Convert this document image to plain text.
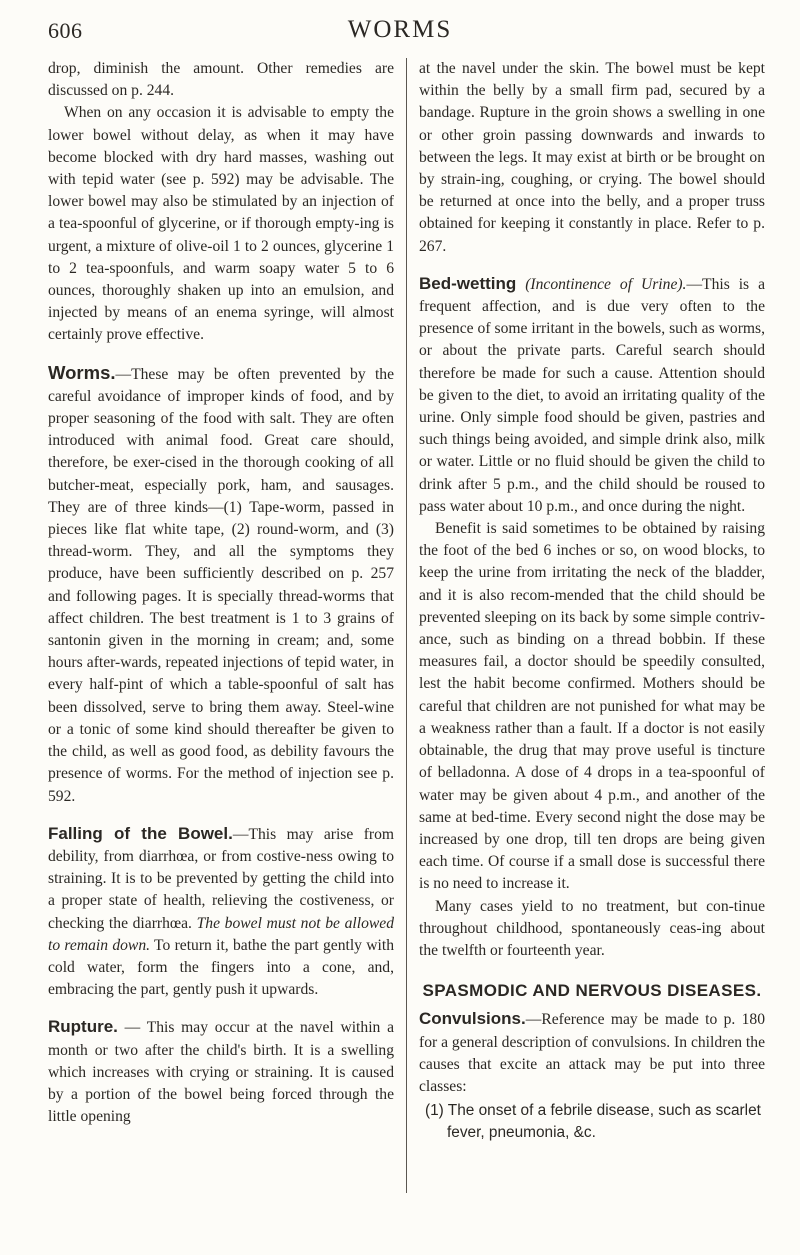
606	WORMS

drop, diminish the amount. Other remedies are discussed on p. 244.

When on any occasion it is advisable to empty the lower bowel without delay, as when it may have become blocked with dry hard masses, washing out with tepid water (see p. 592) may be advisable. The lower bowel may also be stimulated by an injection of a tea-spoonful of glycerine, or if thorough empty-ing is urgent, a mixture of olive-oil 1 to 2 ounces, glycerine 1 to 2 tea-spoonfuls, and warm soapy water 5 to 6 ounces, thoroughly shaken up into an emulsion, and injected by means of an enema syringe, will almost certainly prove effective.

Worms.—These may be often prevented by the careful avoidance of improper kinds of food, and by proper seasoning of the food with salt. They are often introduced with animal food. Great care should, therefore, be exer-cised in the thorough cooking of all butcher-meat, especially pork, ham, and sausages. They are of three kinds—(1) Tape-worm, passed in pieces like flat white tape, (2) round-worm, and (3) thread-worm. They, and all the symptoms they produce, have been sufficiently described on p. 257 and following pages. It is specially thread-worms that affect children. The best treatment is 1 to 3 grains of santonin given in the morning in cream; and, some hours after-wards, repeated injections of tepid water, in every half-pint of which a table-spoonful of salt has been dissolved, serve to bring them away. Steel-wine or a tonic of some kind should thereafter be given to the child, as well as good food, as debility favours the presence of worms. For the method of injection see p. 592.

Falling of the Bowel.—This may arise from debility, from diarrhœa, or from costive-ness owing to straining. It is to be prevented by getting the child into a proper state of health, relieving the costiveness, or checking the diarrhœa. The bowel must not be allowed to remain down. To return it, bathe the part gently with cold water, form the fingers into a cone, and, embracing the part, gently push it upwards.

Rupture. — This may occur at the navel within a month or two after the child's birth. It is a swelling which increases with crying or straining. It is caused by a portion of the bowel being forced through the little opening

at the navel under the skin. The bowel must be kept within the belly by a small firm pad, secured by a bandage. Rupture in the groin shows a swelling in one or other groin passing downwards and inwards to between the legs. It may exist at birth or be brought on by strain-ing, coughing, or crying. The bowel should be returned at once into the belly, and a proper truss obtained for keeping it constantly in place. Refer to p. 267.

Bed-wetting (Incontinence of Urine).—This is a frequent affection, and is due very often to the presence of some irritant in the bowels, such as worms, or about the private parts. Careful search should therefore be made for such a cause. Attention should be given to the diet, to avoid an irritating quality of the urine. Only simple food should be given, pastries and such things being avoided, and simple drink also, milk or water. Little or no fluid should be given the child to drink after 5 p.m., and the child should be roused to pass water about 10 p.m., and once during the night.

Benefit is said sometimes to be obtained by raising the foot of the bed 6 inches or so, on wood blocks, to keep the urine from irritating the neck of the bladder, and it is also recom-mended that the child should be prevented sleeping on its back by some simple contriv-ance, such as binding on a thread bobbin. If these measures fail, a doctor should be speedily consulted, lest the habit become confirmed. Mothers should be careful that children are not punished for what may be a weakness rather than a fault. If a doctor is not easily obtainable, the drug that may prove useful is tincture of belladonna. A dose of 4 drops in a tea-spoonful of water may be given about 4 p.m., and another of the same at bed-time. Every second night the dose may be increased by one drop, till ten drops are being given each time. Of course if a small dose is successful there is no need to increase it.

Many cases yield to no treatment, but con-tinue throughout childhood, spontaneously ceas-ing about the twelfth or fourteenth year.

SPASMODIC AND NERVOUS DISEASES.

Convulsions.—Reference may be made to p. 180 for a general description of convulsions. In children the causes that excite an attack may be put into three classes:

(1) The onset of a febrile disease, such as scarlet fever, pneumonia, &c.
